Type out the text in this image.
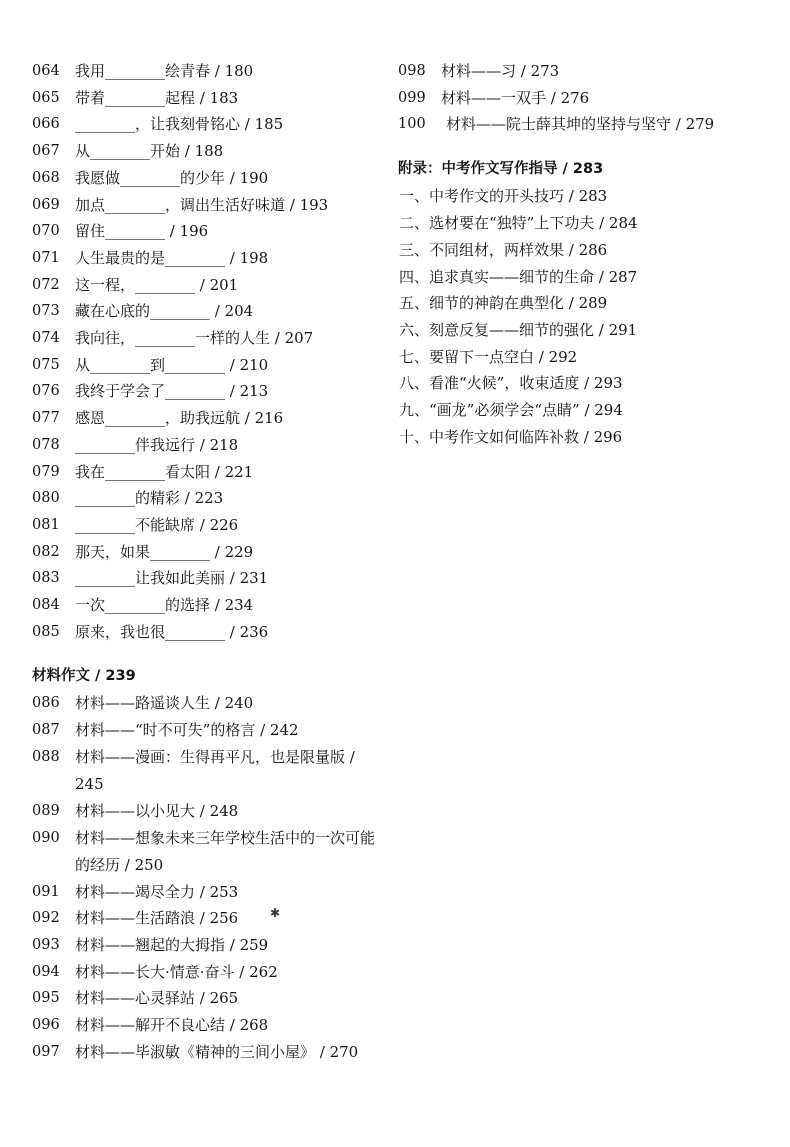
064	我用________绘青春 / 180
065	带着________起程 / 183
066	________，让我刻骨铭心 / 185
067	从________开始 / 188
068	我愿做________的少年 / 190
069	加点________，调出生活好味道 / 193
070	留住________ / 196
071	人生最贵的是________ / 198
072	这一程，________ / 201
073	藏在心底的________ / 204
074	我向往，________一样的人生 / 207
075	从________到________ / 210
076	我终于学会了________ / 213
077	感恩________，助我远航 / 216
078	________伴我远行 / 218
079	我在________看太阳 / 221
080	________的精彩 / 223
081	________不能缺席 / 226
082	那天，如果________ / 229
083	________让我如此美丽 / 231
084	一次________的选择 / 234
085	原来，我也很________ / 236
材料作文 / 239
086	材料——路遥谈人生 / 240
087	材料——“时不可失”的格言 / 242
088	材料——漫画：生得再平凡，也是限量版 / 245
089	材料——以小见大 / 248
090	材料——想象未来三年学校生活中的一次可能的经历 / 250
091	材料——竭尽全力 / 253
092	材料——生活踏浪 / 256
093	材料——翘起的大拇指 / 259
094	材料——长大·情意·奋斗 / 262
095	材料——心灵驿站 / 265
096	材料——解开不良心结 / 268
097	材料——毕淑敏《精神的三间小屋》 / 270
098	材料——习 / 273
099	材料——一双手 / 276
100	材料——院士薛其坤的坚持与坚守 / 279
附录：中考作文写作指导 / 283
一、中考作文的开头技巧 / 283
二、选材要在“独特”上下功夫 / 284
三、不同组材，两样效果 / 286
四、追求真实——细节的生命 / 287
五、细节的神韵在典型化 / 289
六、刻意反复——细节的强化 / 291
七、要留下一点空白 / 292
八、看准“火候”，收束适度 / 293
九、“画龙”必须学会“点睛” / 294
十、中考作文如何临阵补救 / 296
✱
